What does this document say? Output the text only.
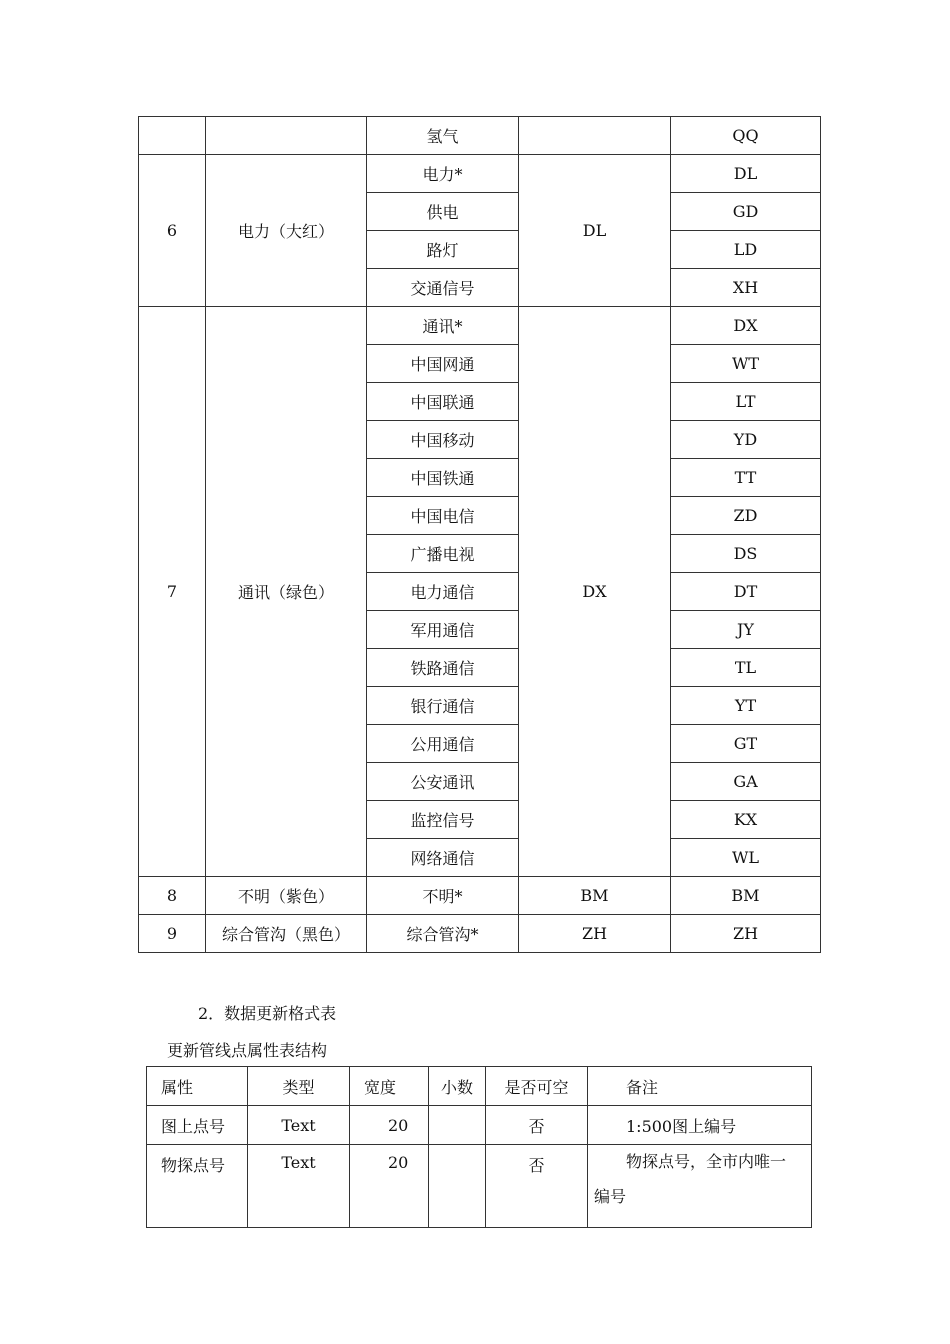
		氢气		QQ
6	电力（大红）	电力*	DL	DL
		供电		GD
		路灯		LD
		交通信号		XH
7	通讯（绿色）	通讯*	DX	DX
		中国网通		WT
		中国联通		LT
		中国移动		YD
		中国铁通		TT
		中国电信		ZD
		广播电视		DS
		电力通信		DT
		军用通信		JY
		铁路通信		TL
		银行通信		YT
		公用通信		GT
		公安通讯		GA
		监控信号		KX
		网络通信		WL
8	不明（紫色）	不明*	BM	BM
9	综合管沟（黑色）	综合管沟*	ZH	ZH
2．数据更新格式表
更新管线点属性表结构
属性	类型	宽度	小数	是否可空	备注
图上点号	Text	20		否	1:500图上编号
物探点号	Text	20		否	物探点号，全市内唯一
编号
